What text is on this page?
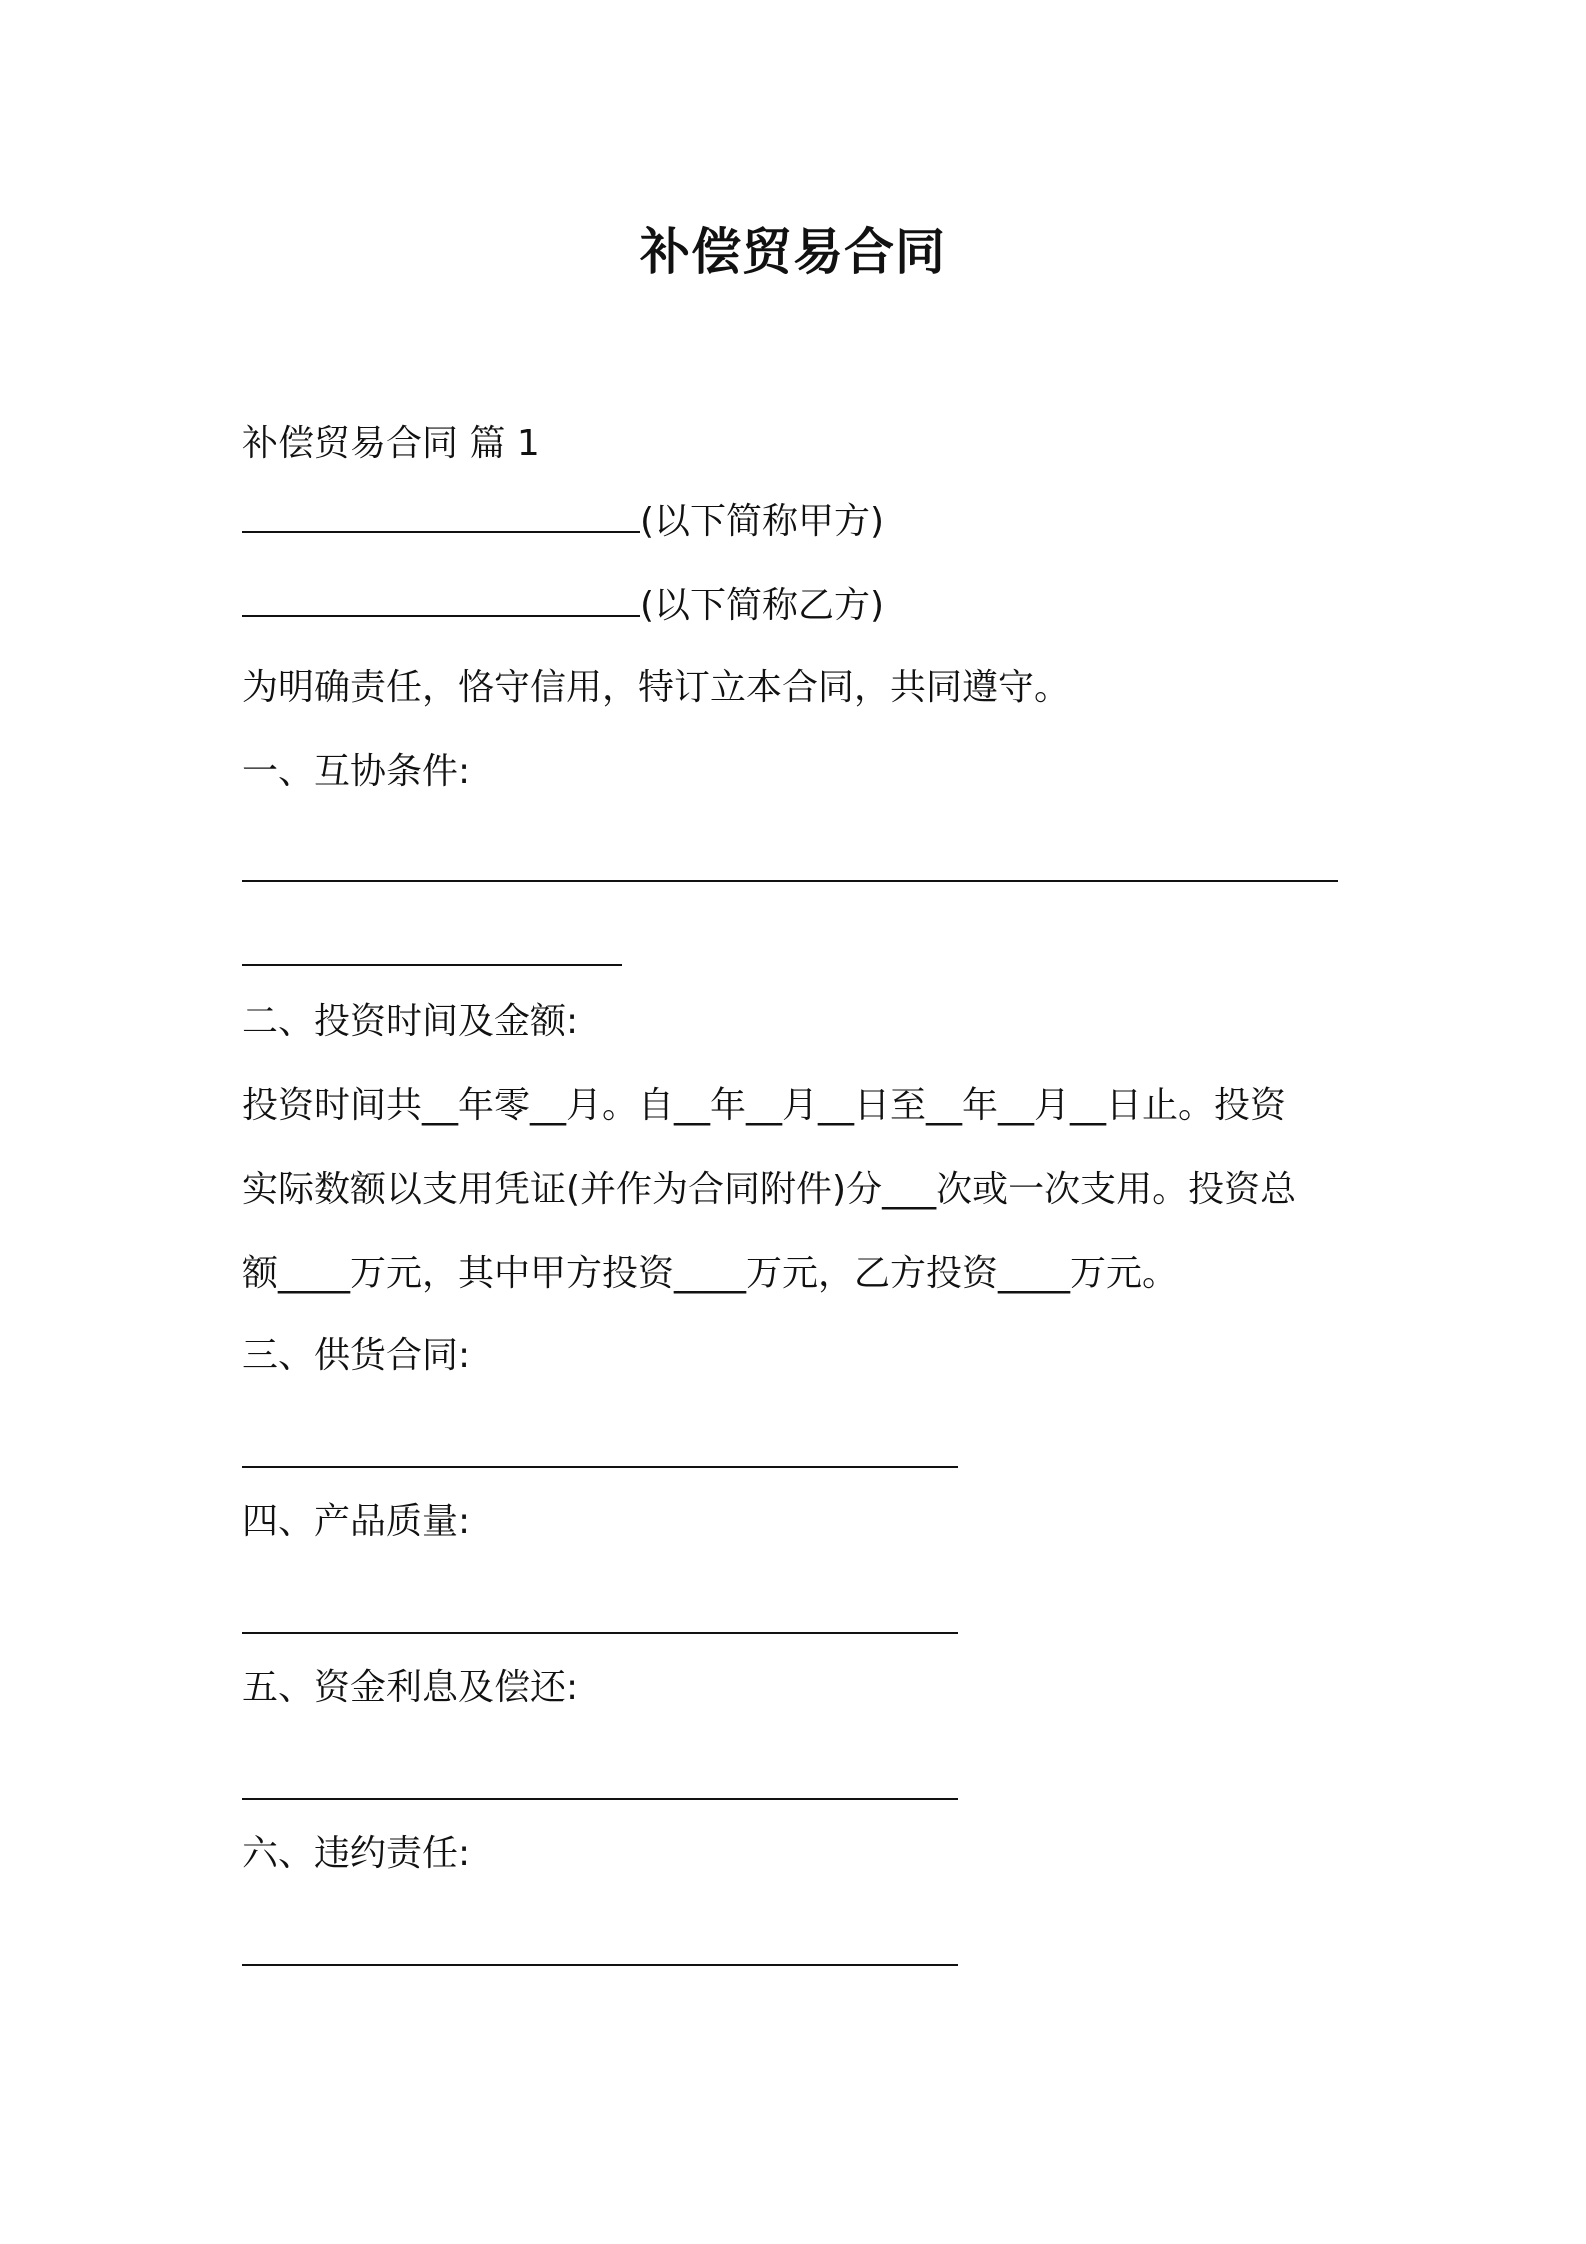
补偿贸易合同
补偿贸易合同 篇 1
(以下简称甲方)
(以下简称乙方)
为明确责任，恪守信用，特订立本合同，共同遵守。
一、互协条件:
二、投资时间及金额:
投资时间共__年零__月。自__年__月__日至__年__月__日止。投资
实际数额以支用凭证(并作为合同附件)分___次或一次支用。投资总
额____万元，其中甲方投资____万元，乙方投资____万元。
三、供货合同:
四、产品质量:
五、资金利息及偿还:
六、违约责任:
